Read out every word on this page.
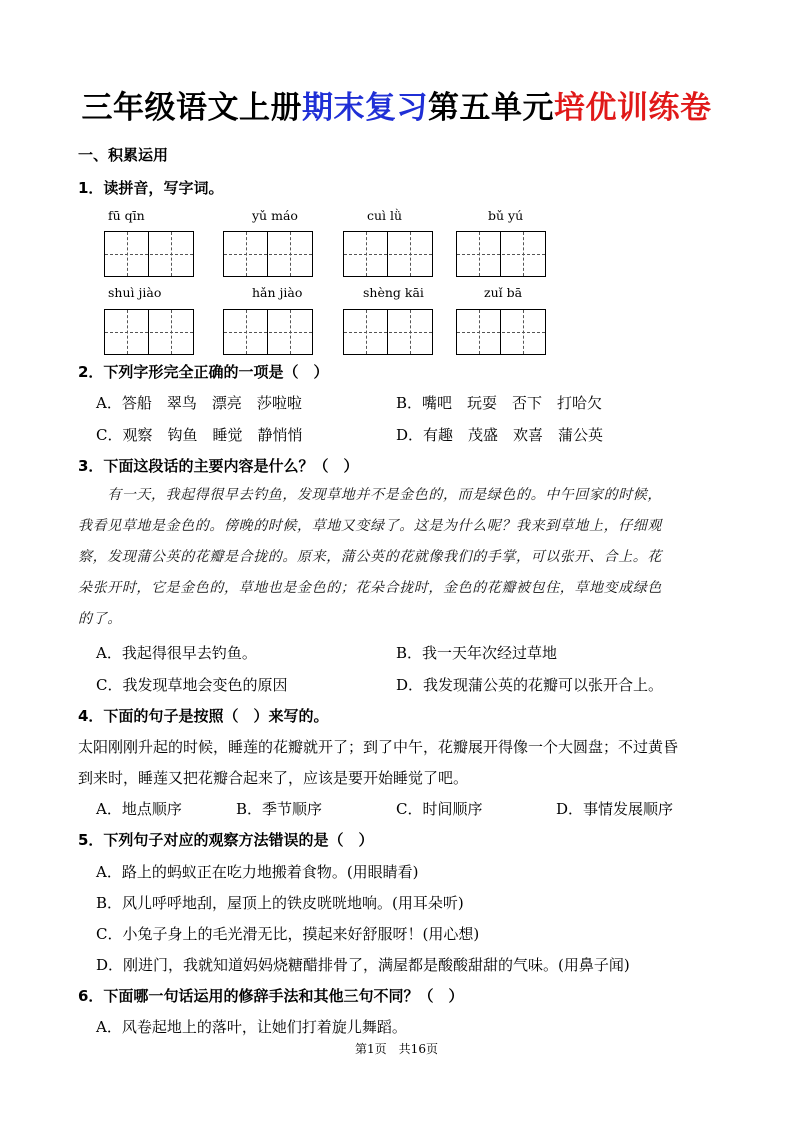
三年级语文上册期末复习第五单元培优训练卷
一、积累运用
1．读拼音，写字词。
fū qīn	yǔ máo	cuì lǜ	bǔ yú
shuì jiào	hǎn jiào	shèng kāi	zuǐ bā
2．下列字形完全正确的一项是（　）
A．答船　翠鸟　漂亮　莎啦啦	B．嘴吧　玩耍　否下　打哈欠
C．观察　钩鱼　睡觉　静悄悄	D．有趣　茂盛　欢喜　蒲公英
3．下面这段话的主要内容是什么？（　）
　　有一天，我起得很早去钓鱼，发现草地并不是金色的，而是绿色的。中午回家的时候，
我看见草地是金色的。傍晚的时候，草地又变绿了。这是为什么呢？我来到草地上，仔细观
察，发现蒲公英的花瓣是合拢的。原来，蒲公英的花就像我们的手掌，可以张开、合上。花
朵张开时，它是金色的，草地也是金色的；花朵合拢时，金色的花瓣被包住，草地变成绿色
的了。
A．我起得很早去钓鱼。	B．我一天年次经过草地
C．我发现草地会变色的原因	D．我发现蒲公英的花瓣可以张开合上。
4．下面的句子是按照（　）来写的。
太阳刚刚升起的时候，睡莲的花瓣就开了；到了中午，花瓣展开得像一个大圆盘；不过黄昏
到来时，睡莲又把花瓣合起来了，应该是要开始睡觉了吧。
A．地点顺序	B．季节顺序	C．时间顺序	D．事情发展顺序
5．下列句子对应的观察方法错误的是（　）
A．路上的蚂蚁正在吃力地搬着食物。(用眼睛看)
B．风儿呼呼地刮，屋顶上的铁皮咣咣地响。(用耳朵听)
C．小兔子身上的毛光滑无比，摸起来好舒服呀！(用心想)
D．刚进门，我就知道妈妈烧糖醋排骨了，满屋都是酸酸甜甜的气味。(用鼻子闻)
6．下面哪一句话运用的修辞手法和其他三句不同？（　）
A．风卷起地上的落叶，让她们打着旋儿舞蹈。
第1页　共16页
